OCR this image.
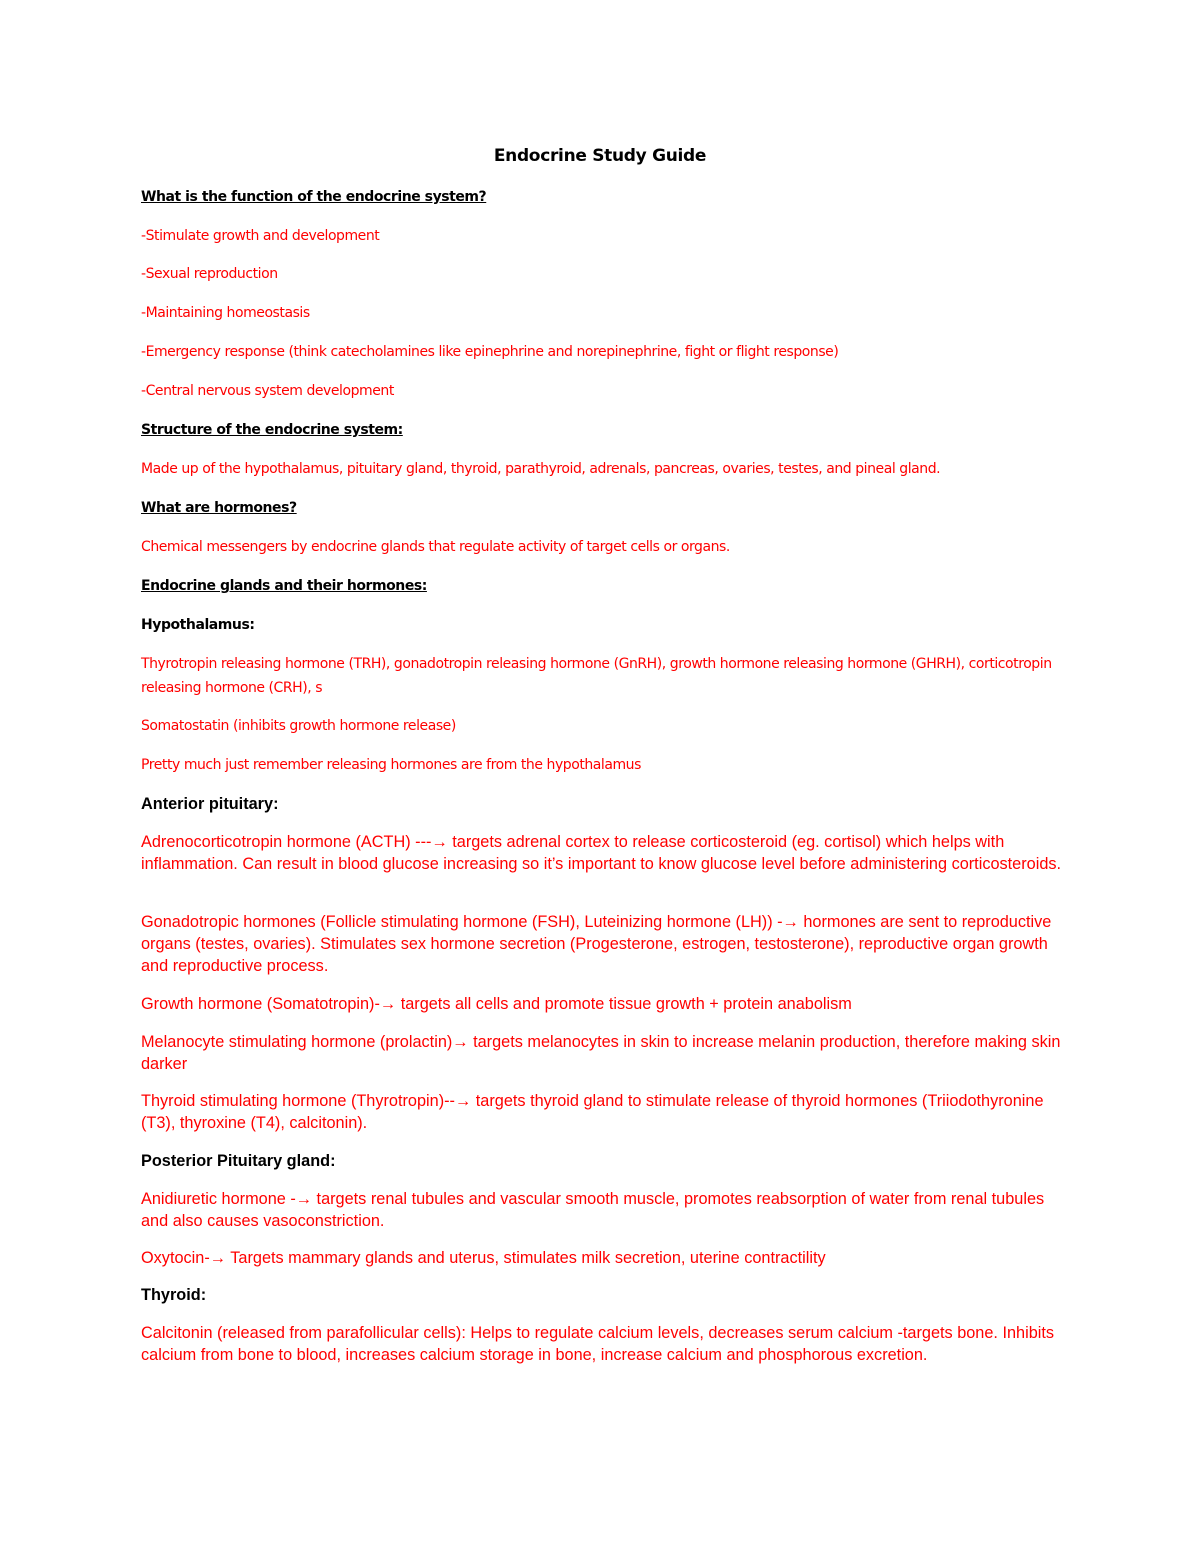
Endocrine Study Guide

What is the function of the endocrine system?

-Stimulate growth and development

-Sexual reproduction

-Maintaining homeostasis

-Emergency response (think catecholamines like epinephrine and norepinephrine, fight or flight response)

-Central nervous system development

Structure of the endocrine system:

Made up of the hypothalamus, pituitary gland, thyroid, parathyroid, adrenals, pancreas, ovaries, testes, and pineal gland.

What are hormones?

Chemical messengers by endocrine glands that regulate activity of target cells or organs.

Endocrine glands and their hormones:

Hypothalamus:

Thyrotropin releasing hormone (TRH), gonadotropin releasing hormone (GnRH), growth hormone releasing hormone (GHRH), corticotropin releasing hormone (CRH), s

Somatostatin (inhibits growth hormone release)

Pretty much just remember releasing hormones are from the hypothalamus

Anterior pituitary:

Adrenocorticotropin hormone (ACTH) ---→ targets adrenal cortex to release corticosteroid (eg. cortisol) which helps with inflammation. Can result in blood glucose increasing so it’s important to know glucose level before administering corticosteroids.

Gonadotropic hormones (Follicle stimulating hormone (FSH), Luteinizing hormone (LH)) -→ hormones are sent to reproductive organs (testes, ovaries). Stimulates sex hormone secretion (Progesterone, estrogen, testosterone), reproductive organ growth and reproductive process.

Growth hormone (Somatotropin)-→ targets all cells and promote tissue growth + protein anabolism

Melanocyte stimulating hormone (prolactin)→ targets melanocytes in skin to increase melanin production, therefore making skin darker

Thyroid stimulating hormone (Thyrotropin)--→ targets thyroid gland to stimulate release of thyroid hormones (Triiodothyronine (T3), thyroxine (T4), calcitonin).

Posterior Pituitary gland:

Anidiuretic hormone -→ targets renal tubules and vascular smooth muscle, promotes reabsorption of water from renal tubules and also causes vasoconstriction.

Oxytocin-→ Targets mammary glands and uterus, stimulates milk secretion, uterine contractility

Thyroid:

Calcitonin (released from parafollicular cells): Helps to regulate calcium levels, decreases serum calcium -targets bone. Inhibits calcium from bone to blood, increases calcium storage in bone, increase calcium and phosphorous excretion.
